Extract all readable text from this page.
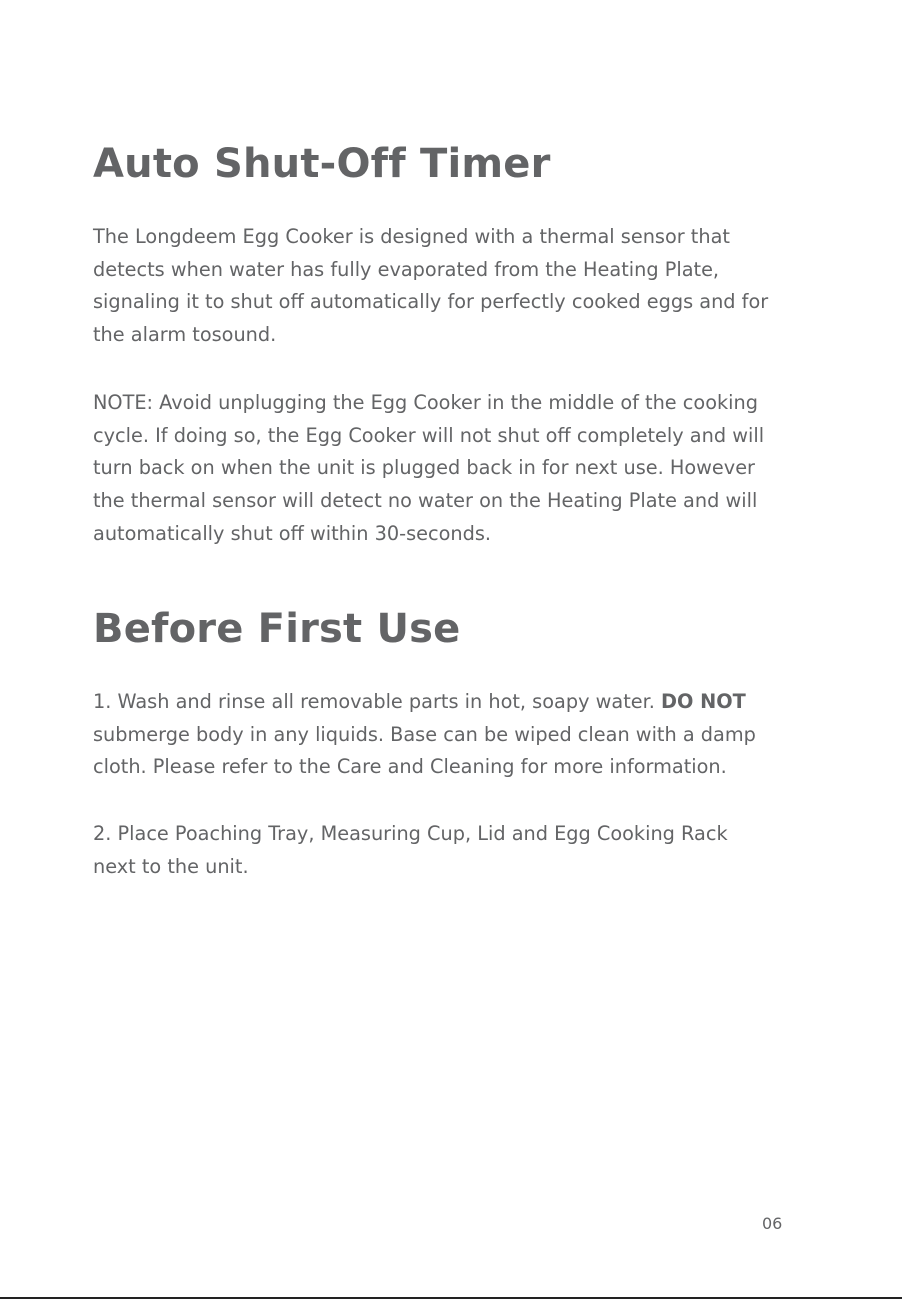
Auto Shut-Off Timer

The Longdeem Egg Cooker is designed with a thermal sensor that
detects when water has fully evaporated from the Heating Plate,
signaling it to shut off automatically for perfectly cooked eggs and for
the alarm tosound.

NOTE: Avoid unplugging the Egg Cooker in the middle of the cooking
cycle. If doing so, the Egg Cooker will not shut off completely and will
turn back on when the unit is plugged back in for next use. However
the thermal sensor will detect no water on the Heating Plate and will
automatically shut off within 30-seconds.

Before First Use

1. Wash and rinse all removable parts in hot, soapy water. DO NOT
submerge body in any liquids. Base can be wiped clean with a damp
cloth. Please refer to the Care and Cleaning for more information.

2. Place Poaching Tray, Measuring Cup, Lid and Egg Cooking Rack
next to the unit.

06
